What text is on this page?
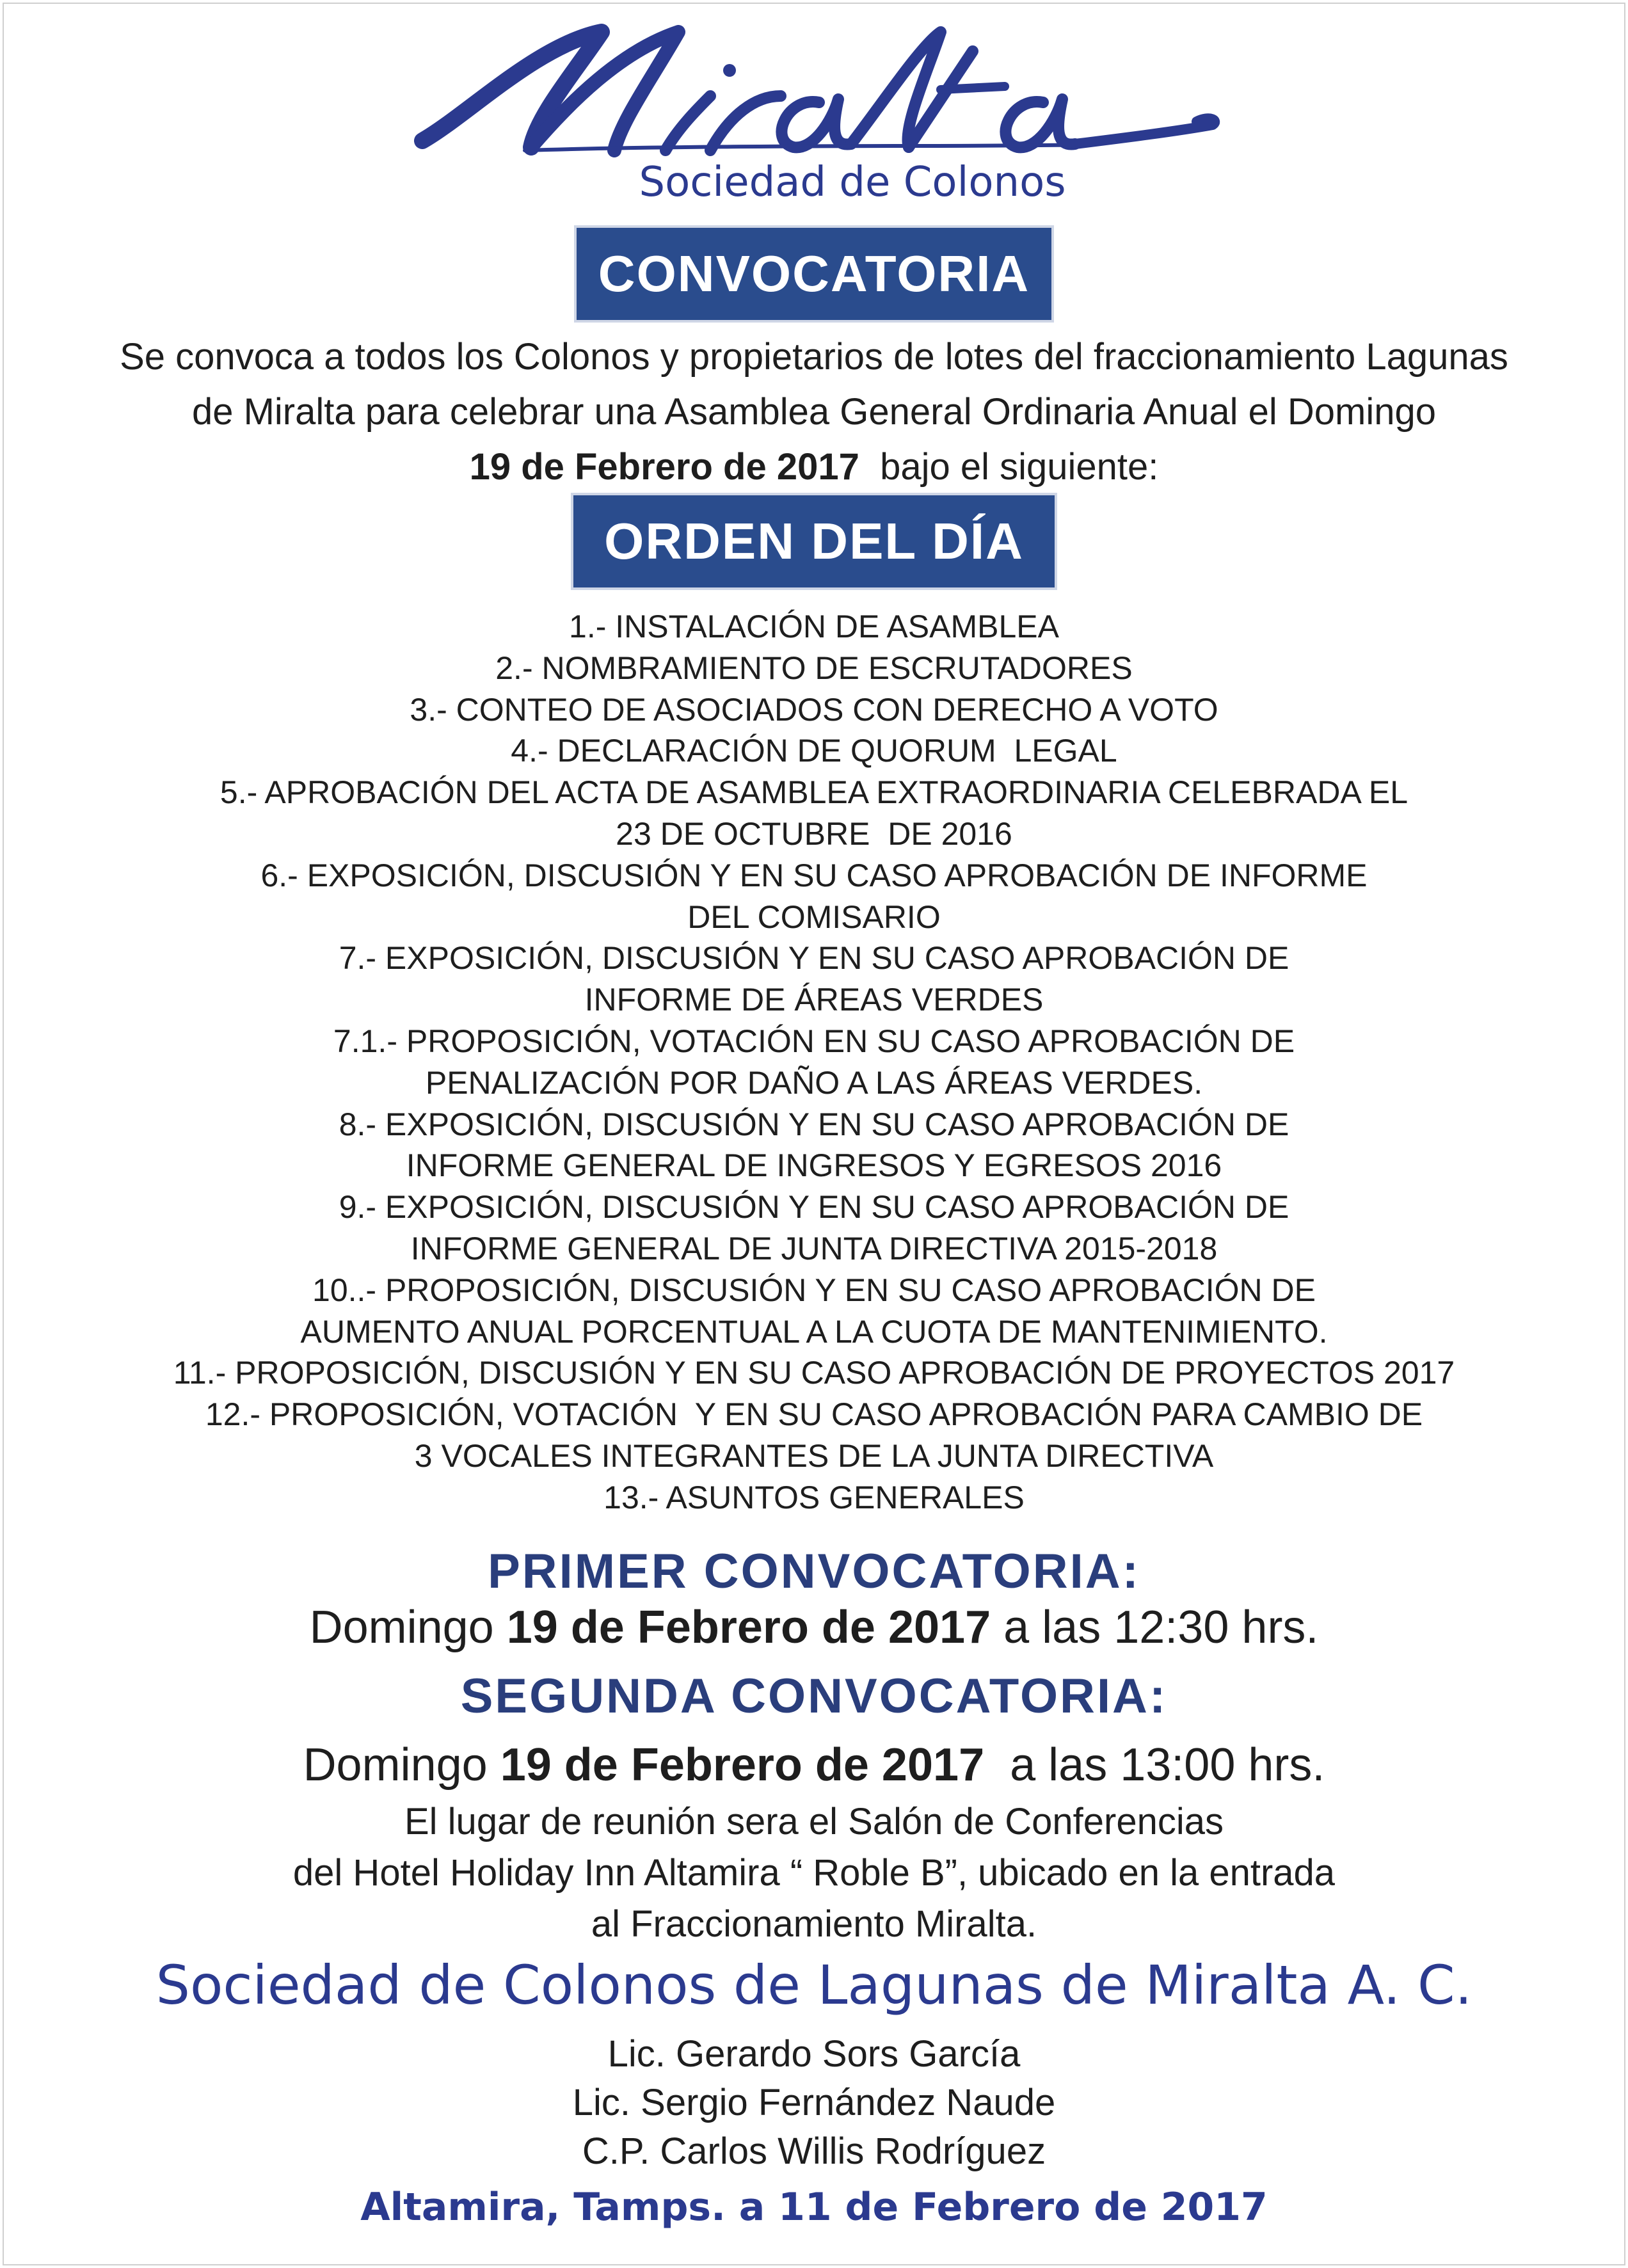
Sociedad de Colonos
CONVOCATORIA
Se convoca a todos los Colonos y propietarios de lotes del fraccionamiento Lagunas
de Miralta para celebrar una Asamblea General Ordinaria Anual el Domingo
19 de Febrero de 2017  bajo el siguiente:
ORDEN DEL DÍA
1.- INSTALACIÓN DE ASAMBLEA
2.- NOMBRAMIENTO DE ESCRUTADORES
3.- CONTEO DE ASOCIADOS CON DERECHO A VOTO
4.- DECLARACIÓN DE QUORUM  LEGAL
5.- APROBACIÓN DEL ACTA DE ASAMBLEA EXTRAORDINARIA CELEBRADA EL
23 DE OCTUBRE  DE 2016
6.- EXPOSICIÓN, DISCUSIÓN Y EN SU CASO APROBACIÓN DE INFORME
DEL COMISARIO
7.- EXPOSICIÓN, DISCUSIÓN Y EN SU CASO APROBACIÓN DE
INFORME DE ÁREAS VERDES
7.1.- PROPOSICIÓN, VOTACIÓN EN SU CASO APROBACIÓN DE
PENALIZACIÓN POR DAÑO A LAS ÁREAS VERDES.
8.- EXPOSICIÓN, DISCUSIÓN Y EN SU CASO APROBACIÓN DE
INFORME GENERAL DE INGRESOS Y EGRESOS 2016
9.- EXPOSICIÓN, DISCUSIÓN Y EN SU CASO APROBACIÓN DE
INFORME GENERAL DE JUNTA DIRECTIVA 2015-2018
10..- PROPOSICIÓN, DISCUSIÓN Y EN SU CASO APROBACIÓN DE
AUMENTO ANUAL PORCENTUAL A LA CUOTA DE MANTENIMIENTO.
11.- PROPOSICIÓN, DISCUSIÓN Y EN SU CASO APROBACIÓN DE PROYECTOS 2017
12.- PROPOSICIÓN, VOTACIÓN  Y EN SU CASO APROBACIÓN PARA CAMBIO DE
3 VOCALES INTEGRANTES DE LA JUNTA DIRECTIVA
13.- ASUNTOS GENERALES
PRIMER CONVOCATORIA:
Domingo 19 de Febrero de 2017 a las 12:30 hrs.
SEGUNDA CONVOCATORIA:
Domingo 19 de Febrero de 2017  a las 13:00 hrs.
El lugar de reunión sera el Salón de Conferencias
del Hotel Holiday Inn Altamira “ Roble B”, ubicado en la entrada
al Fraccionamiento Miralta.
Sociedad de Colonos de Lagunas de Miralta A. C.
Lic. Gerardo Sors García
Lic. Sergio Fernández Naude
C.P. Carlos Willis Rodríguez
Altamira, Tamps. a 11 de Febrero de 2017
